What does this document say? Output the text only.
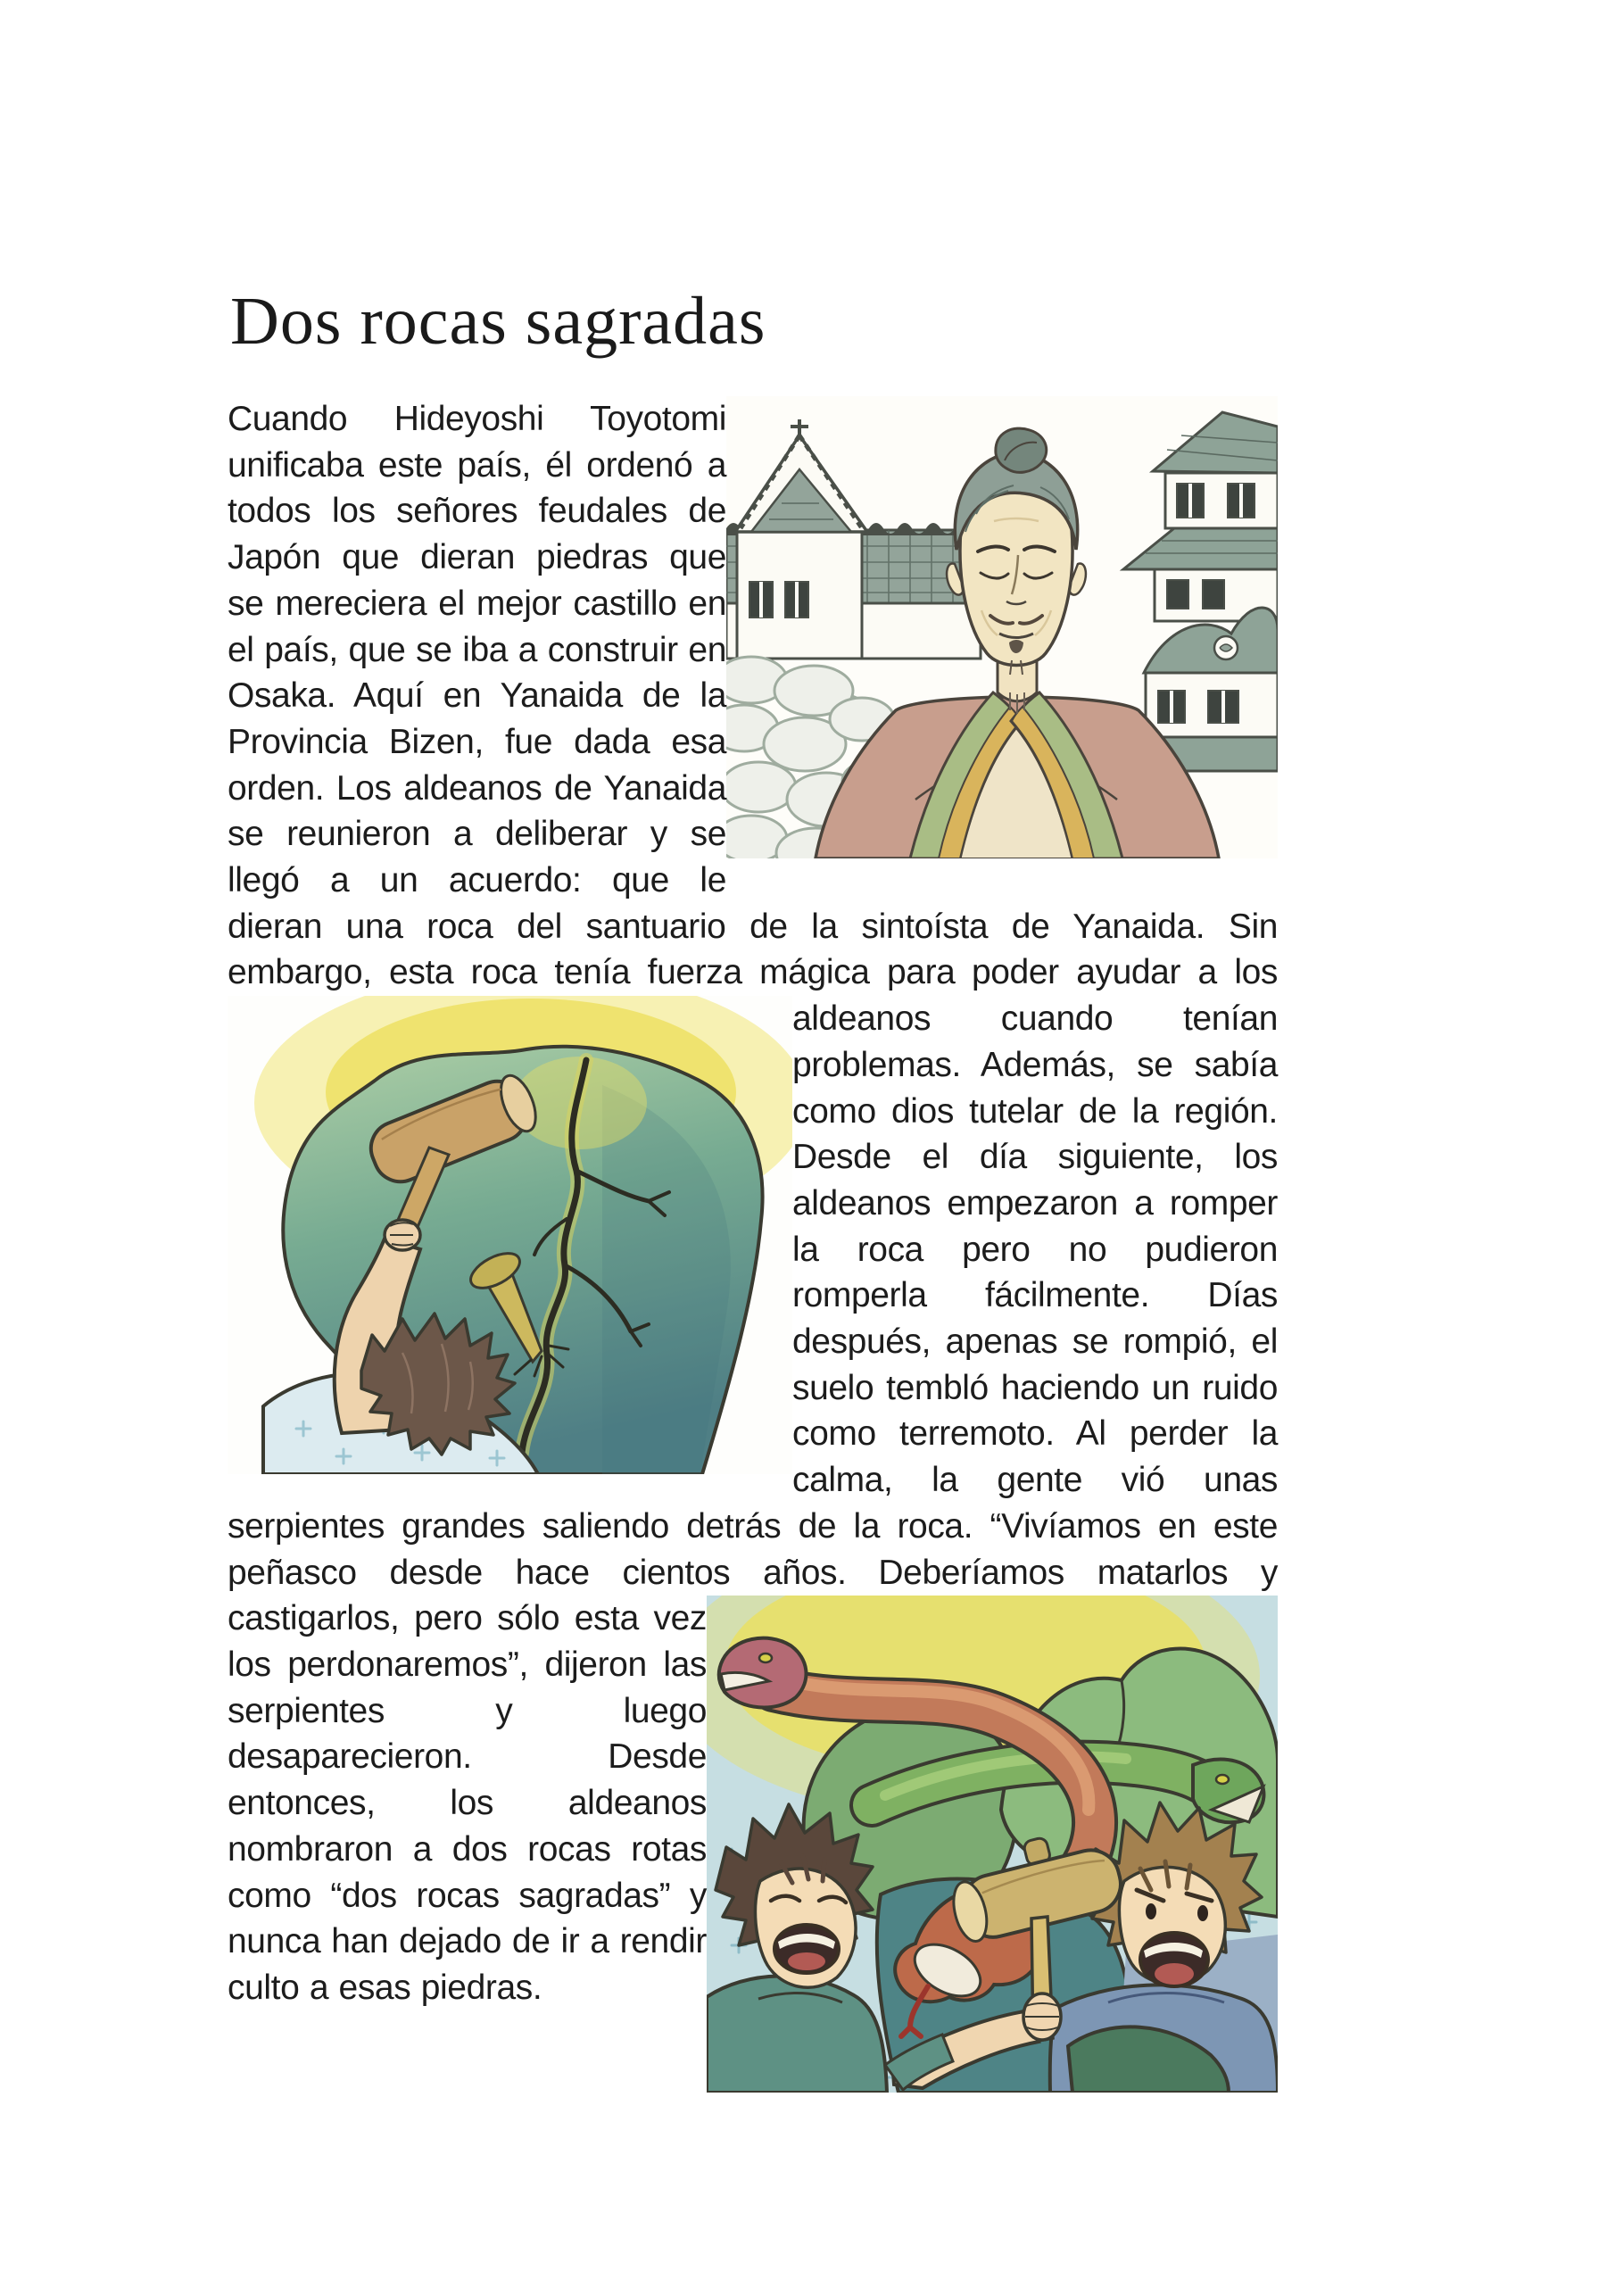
Dos rocas sagradas
Cuando Hideyoshi Toyotomi unificaba este país, él ordenó a todos los señores feudales de Japón que dieran piedras que se mereciera el mejor castillo en el país, que se iba a construir en Osaka. Aquí en Yanaida de la Provincia Bizen, fue dada esa orden. Los aldeanos de Yanaida se reunieron a deliberar y se llegó a un acuerdo: que le dieran una roca del santuario de la sintoísta de Yanaida. Sin embargo, esta roca tenía fuerza mágica para poder ayudar a los aldeanos cuando tenían problemas. Además, se sabía como dios tutelar de la región. Desde el día siguiente, los aldeanos empezaron a romper la roca pero no pudieron romperla fácilmente. Días después, apenas se rompió, el suelo tembló haciendo un ruido como terremoto. Al perder la calma, la gente vió unas serpientes grandes saliendo detrás de la roca. “Vivíamos en este peñasco desde hace cientos años. Deberíamos matarlos y castigarlos, pero sólo esta vez los perdonaremos”, dijeron las serpientes y luego desaparecieron. Desde entonces, los aldeanos nombraron a dos rocas rotas como “dos rocas sagradas” y nunca han dejado de ir a rendir culto a esas piedras.
